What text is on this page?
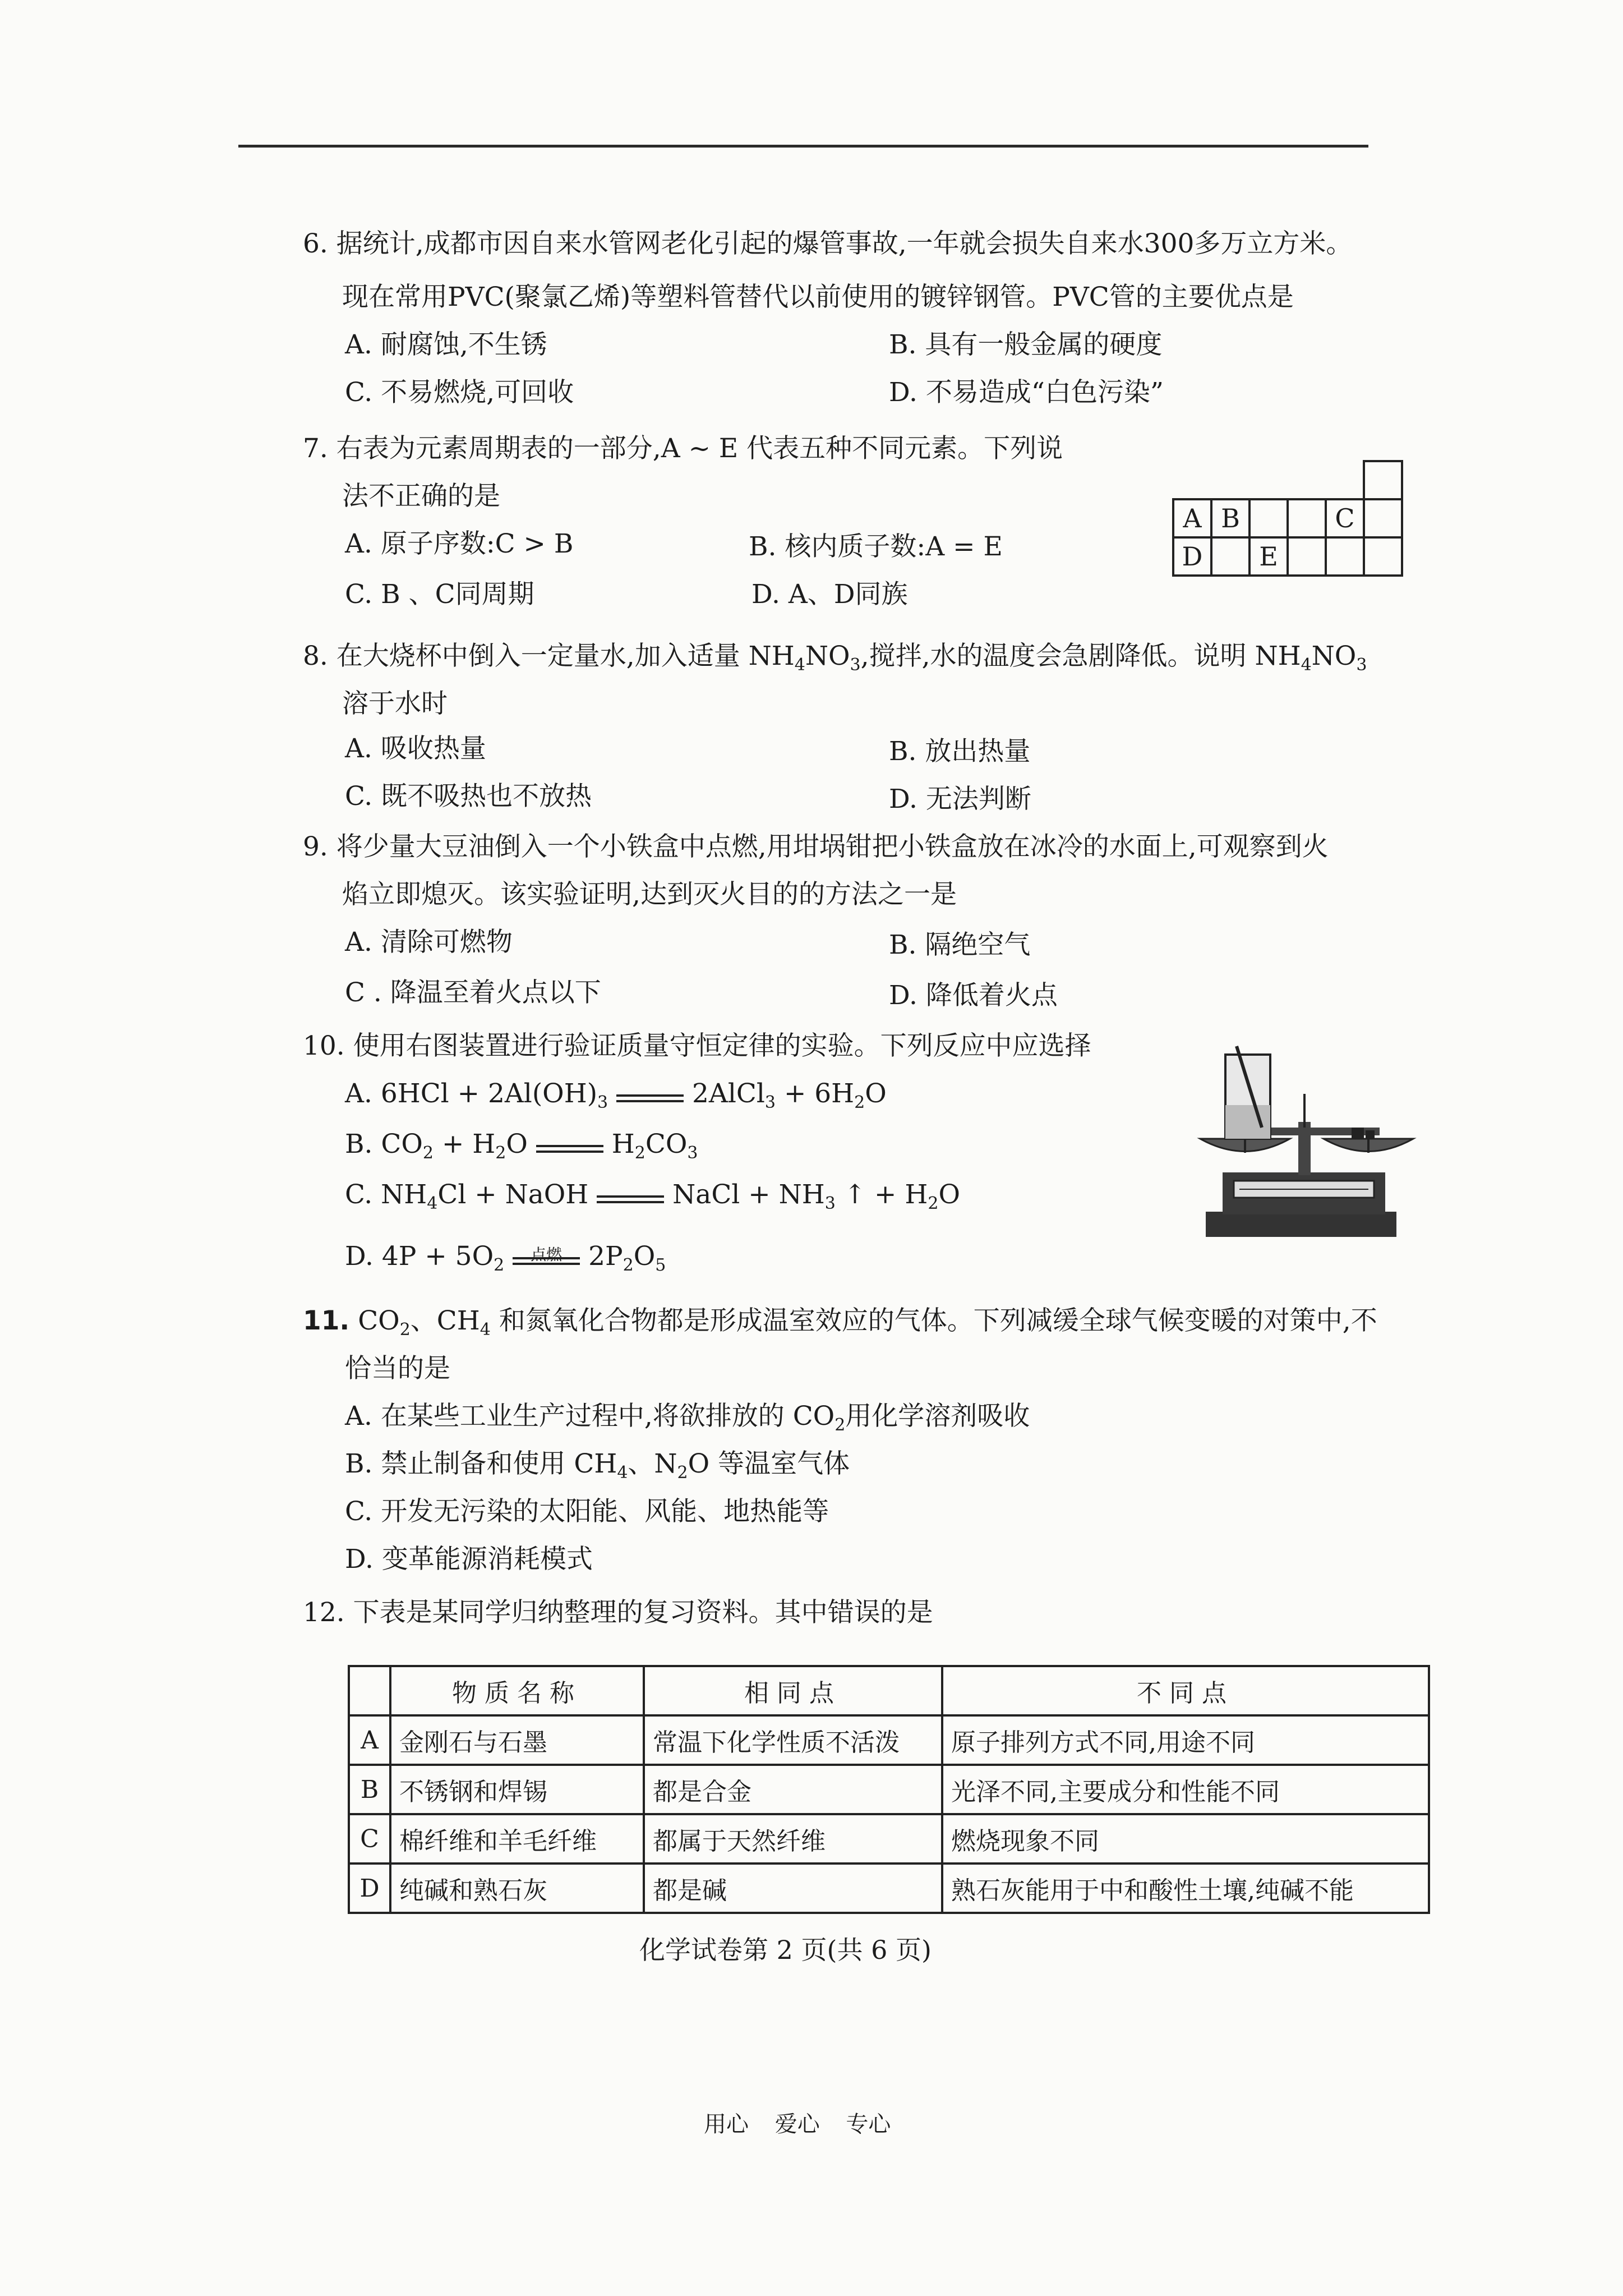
6. 据统计,成都市因自来水管网老化引起的爆管事故,一年就会损失自来水300多万立方米。
现在常用PVC(聚氯乙烯)等塑料管替代以前使用的镀锌钢管。PVC管的主要优点是
A. 耐腐蚀,不生锈	B. 具有一般金属的硬度
C. 不易燃烧,可回收	D. 不易造成“白色污染”
7. 右表为元素周期表的一部分,A ~ E 代表五种不同元素。下列说
法不正确的是
A. 原子序数:C > B	B. 核内质子数:A = E
C. B 、C同周期	D. A、D同族

A	B			C	
D		E			
8. 在大烧杯中倒入一定量水,加入适量 $NH_4NO_3$,搅拌,水的温度会急剧降低。说明 $NH_4NO_3$
溶于水时
A. 吸收热量	B. 放出热量
C. 既不吸热也不放热	D. 无法判断
9. 将少量大豆油倒入一个小铁盒中点燃,用坩埚钳把小铁盒放在冰冷的水面上,可观察到火
焰立即熄灭。该实验证明,达到灭火目的的方法之一是
A. 清除可燃物	B. 隔绝空气
C . 降温至着火点以下	D. 降低着火点
10. 使用右图装置进行验证质量守恒定律的实验。下列反应中应选择
A. $6HCl + 2Al(OH)_3$	2AlCl$_3$ + $6H_2O$
B. $CO_2 + H_2O$	$H_2CO_3$
C. $NH_4Cl$ + NaOH	NaCl + $NH_3$ ↑ + $H_2O$
D. $4P + 5O_2$
点燃 $2P_2O_5$
11. $CO_2$、$CH_4$ 和氮氧化合物都是形成温室效应的气体。下列减缓全球气候变暖的对策中,不
恰当的是
A. 在某些工业生产过程中,将欲排放的 $CO_2$用化学溶剂吸收
B. 禁止制备和使用 $CH_4$、$N_2O$ 等温室气体
C. 开发无污染的太阳能、风能、地热能等
D. 变革能源消耗模式
12. 下表是某同学归纳整理的复习资料。其中错误的是
	物质名称	相同点	不同点
A	金刚石与石墨	常温下化学性质不活泼	原子排列方式不同,用途不同
B	不锈钢和焊锡	都是合金	光泽不同,主要成分和性能不同
C	棉纤维和羊毛纤维	都属于天然纤维	燃烧现象不同
D	纯碱和熟石灰	都是碱	熟石灰能用于中和酸性土壤,纯碱不能
化学试卷第 2 页(共 6 页)
用心 爱心 专心
